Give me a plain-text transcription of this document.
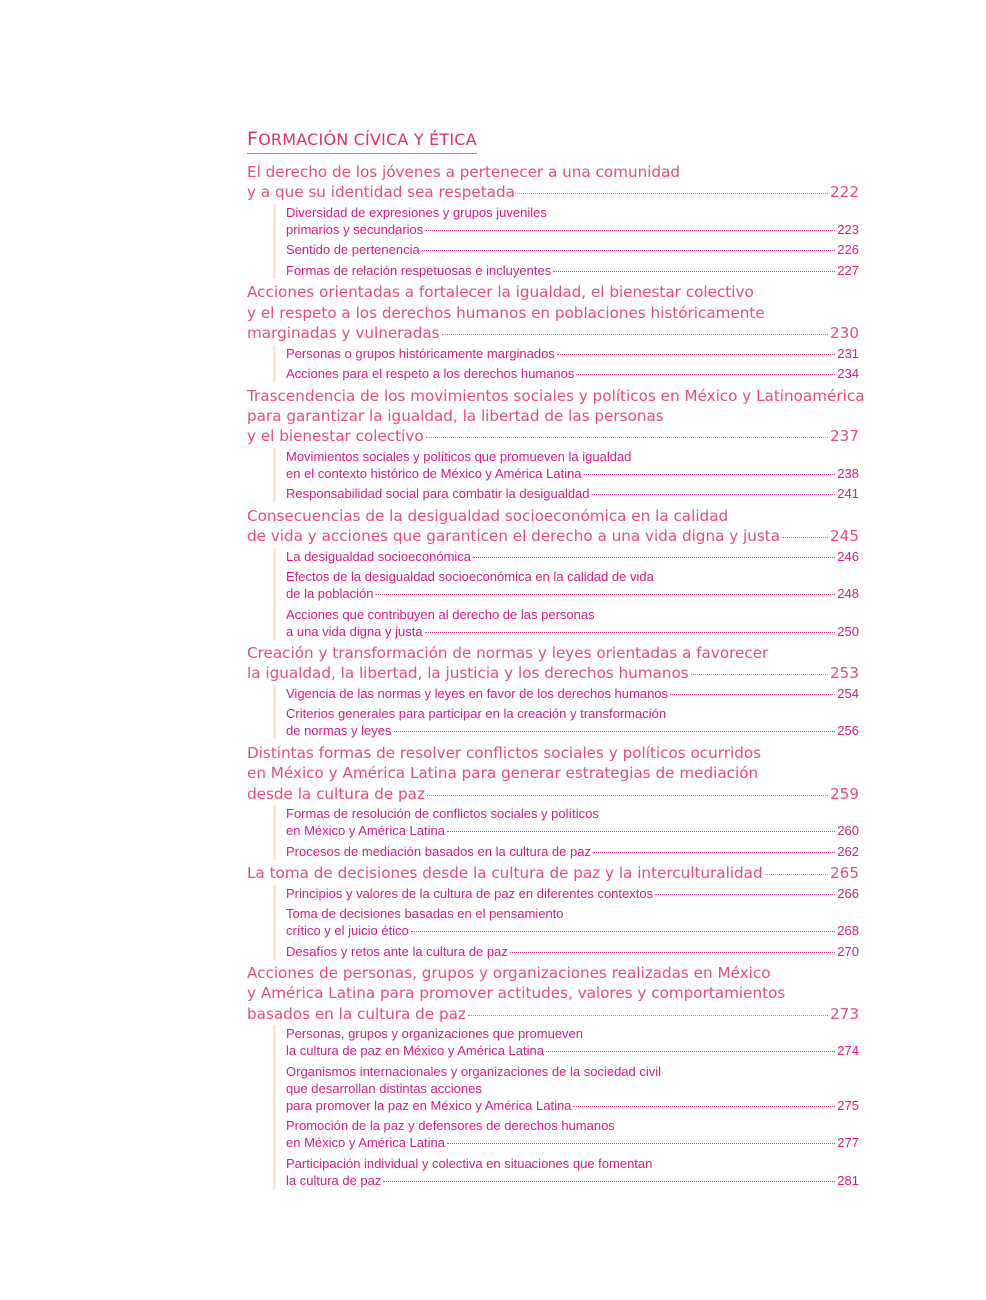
FORMACIÓN CÍVICA Y ÉTICA
El derecho de los jóvenes a pertenecer a una comunidad
y a que su identidad sea respetada	222
Diversidad de expresiones y grupos juveniles
primarios y secundarios	223
Sentido de pertenencia	226
Formas de relación respetuosas e incluyentes	227
Acciones orientadas a fortalecer la igualdad, el bienestar colectivo
y el respeto a los derechos humanos en poblaciones históricamente
marginadas y vulneradas	230
Personas o grupos históricamente marginados	231
Acciones para el respeto a los derechos humanos	234
Trascendencia de los movimientos sociales y políticos en México y Latinoamérica
para garantizar la igualdad, la libertad de las personas
y el bienestar colectivo	237
Movimientos sociales y políticos que promueven la igualdad
en el contexto histórico de México y América Latina	238
Responsabilidad social para combatir la desigualdad	241
Consecuencias de la desigualdad socioeconómica en la calidad
de vida y acciones que garanticen el derecho a una vida digna y justa	245
La desigualdad socioeconómica	246
Efectos de la desigualdad socioeconómica en la calidad de vida
de la población	248
Acciones que contribuyen al derecho de las personas
a una vida digna y justa	250
Creación y transformación de normas y leyes orientadas a favorecer
la igualdad, la libertad, la justicia y los derechos humanos	253
Vigencia de las normas y leyes en favor de los derechos humanos	254
Criterios generales para participar en la creación y transformación
de normas y leyes	256
Distintas formas de resolver conflictos sociales y políticos ocurridos
en México y América Latina para generar estrategias de mediación
desde la cultura de paz	259
Formas de resolución de conflictos sociales y políticos
en México y América Latina	260
Procesos de mediación basados en la cultura de paz	262
La toma de decisiones desde la cultura de paz y la interculturalidad	265
Principios y valores de la cultura de paz en diferentes contextos	266
Toma de decisiones basadas en el pensamiento
crítico y el juicio ético	268
Desafíos y retos ante la cultura de paz	270
Acciones de personas, grupos y organizaciones realizadas en México
y América Latina para promover actitudes, valores y comportamientos
basados en la cultura de paz	273
Personas, grupos y organizaciones que promueven
la cultura de paz en México y América Latina	274
Organismos internacionales y organizaciones de la sociedad civil
que desarrollan distintas acciones
para promover la paz en México y América Latina	275
Promoción de la paz y defensores de derechos humanos
en México y América Latina	277
Participación individual y colectiva en situaciones que fomentan
la cultura de paz	281
